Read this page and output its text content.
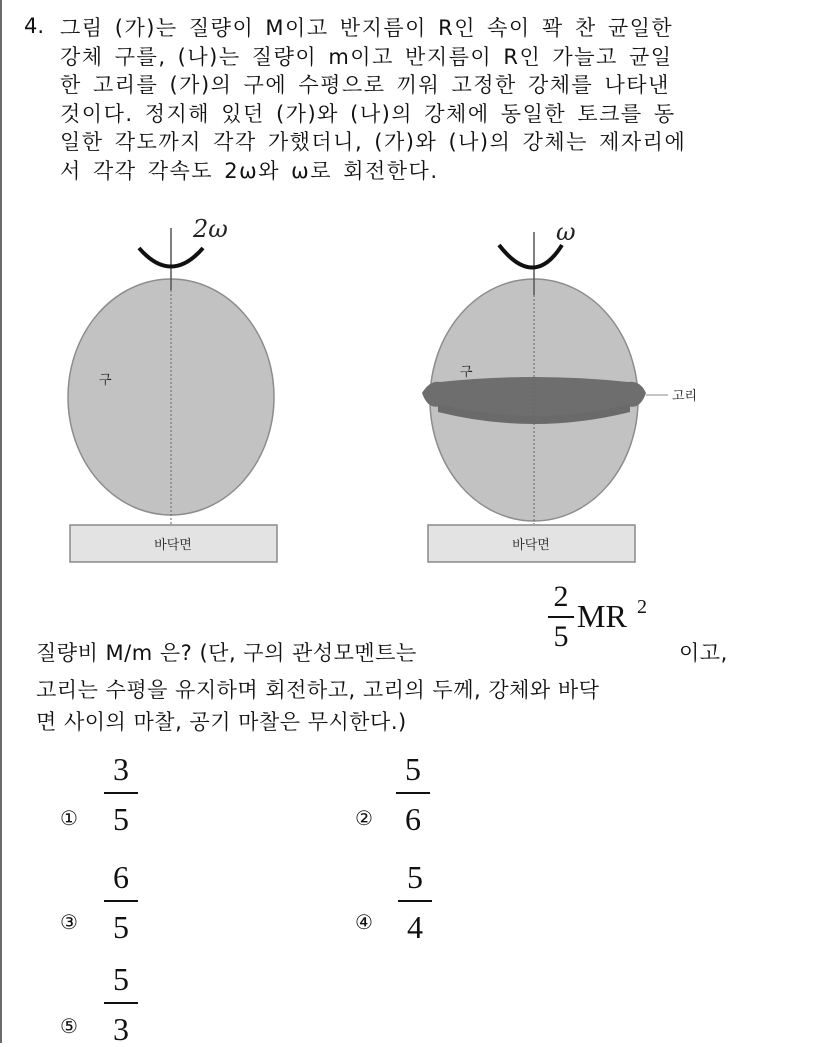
4. 그림 (가)는 질량이 M이고 반지름이 R인 속이 꽉 찬 균일한
강체 구를, (나)는 질량이 m이고 반지름이 R인 가늘고 균일
한 고리를 (가)의 구에 수평으로 끼워 고정한 강체를 나타낸
것이다. 정지해 있던 (가)와 (나)의 강체에 동일한 토크를 동
일한 각도까지 각각 가했더니, (가)와 (나)의 강체는 제자리에
서 각각 각속도 2ω와 ω로 회전한다.
2ω
구
바닥면
고리
ω
구
바닥면
질량비 M/m 은? (단, 구의 관성모멘트는
2
5
MR 2
이고,
고리는 수평을 유지하며 회전하고, 고리의 두께, 강체와 바닥
면 사이의 마찰, 공기 마찰은 무시한다.)
①
3
5	②
5
6
③
6
5	④
5
4
⑤
5
3
